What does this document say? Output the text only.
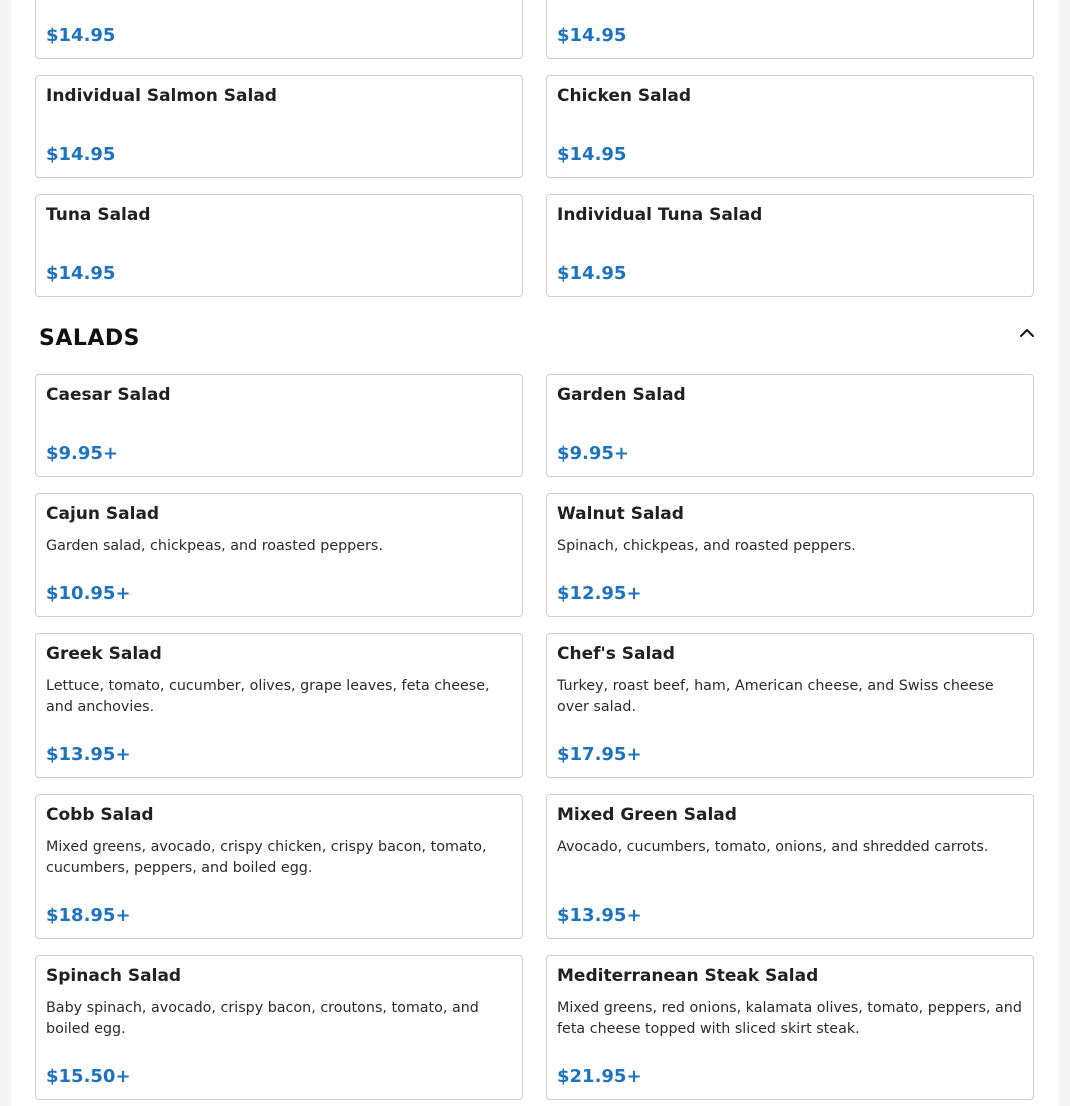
$14.95	$14.95
Individual Salmon Salad
$14.95
Chicken Salad
$14.95
Tuna Salad
$14.95
Individual Tuna Salad
$14.95
SALADS
Caesar Salad
$9.95+
Garden Salad
$9.95+
Cajun Salad
Garden salad, chickpeas, and roasted peppers.
$10.95+
Walnut Salad
Spinach, chickpeas, and roasted peppers.
$12.95+
Greek Salad
Lettuce, tomato, cucumber, olives, grape leaves, feta cheese, and anchovies.
$13.95+
Chef's Salad
Turkey, roast beef, ham, American cheese, and Swiss cheese over salad.
$17.95+
Cobb Salad
Mixed greens, avocado, crispy chicken, crispy bacon, tomato, cucumbers, peppers, and boiled egg.
$18.95+
Mixed Green Salad
Avocado, cucumbers, tomato, onions, and shredded carrots.
$13.95+
Spinach Salad
Baby spinach, avocado, crispy bacon, croutons, tomato, and boiled egg.
$15.50+
Mediterranean Steak Salad
Mixed greens, red onions, kalamata olives, tomato, peppers, and feta cheese topped with sliced skirt steak.
$21.95+
